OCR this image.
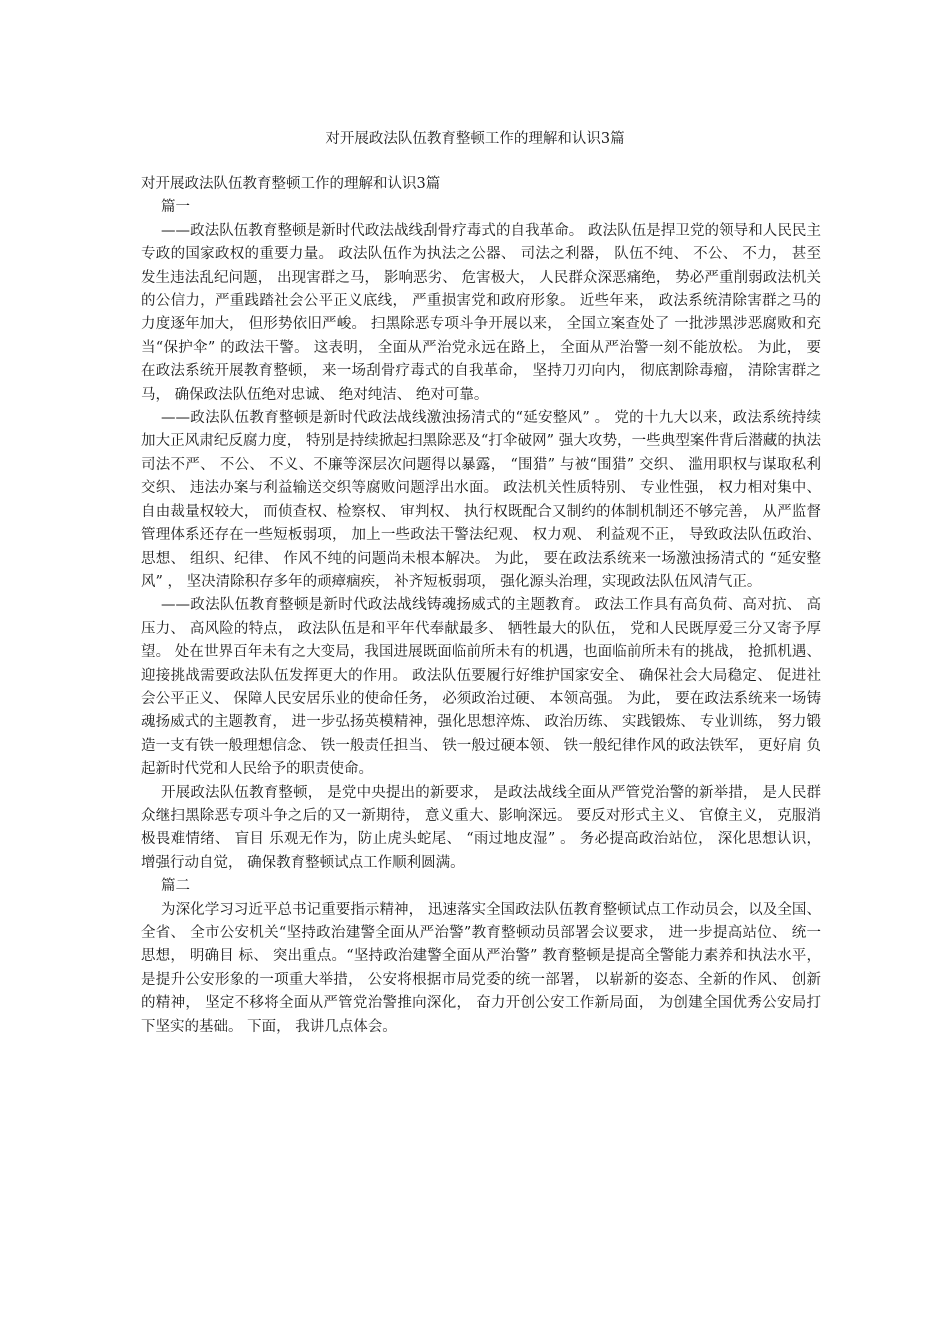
对开展政法队伍教育整顿工作的理解和认识3篇

对开展政法队伍教育整顿工作的理解和认识3篇

篇一

——政法队伍教育整顿是新时代政法战线刮骨疗毒式的自我革命。 政法队伍是捍卫党的领导和人民民主专政的国家政权的重要力量。 政法队伍作为执法之公器、 司法之利器， 队伍不纯、 不公、 不力， 甚至发生违法乱纪问题， 出现害群之马， 影响恶劣、 危害极大， 人民群众深恶痛绝， 势必严重削弱政法机关的公信力，严重践踏社会公平正义底线， 严重损害党和政府形象。 近些年来， 政法系统清除害群之马的力度逐年加大， 但形势依旧严峻。 扫黑除恶专项斗争开展以来， 全国立案查处了 一批涉黑涉恶腐败和充当“保护伞” 的政法干警。 这表明， 全面从严治党永远在路上， 全面从严治警一刻不能放松。 为此， 要在政法系统开展教育整顿， 来一场刮骨疗毒式的自我革命， 坚持刀刃向内， 彻底割除毒瘤， 清除害群之马， 确保政法队伍绝对忠诚、 绝对纯洁、 绝对可靠。

——政法队伍教育整顿是新时代政法战线激浊扬清式的“延安整风” 。 党的十九大以来，政法系统持续加大正风肃纪反腐力度， 特别是持续掀起扫黑除恶及“打伞破网” 强大攻势，一些典型案件背后潜藏的执法司法不严、 不公、 不义、不廉等深层次问题得以暴露， “围猎” 与被“围猎” 交织、 滥用职权与谋取私利交织、 违法办案与利益输送交织等腐败问题浮出水面。 政法机关性质特别、 专业性强， 权力相对集中、 自由裁量权较大， 而侦查权、检察权、 审判权、 执行权既配合又制约的体制机制还不够完善， 从严监督管理体系还存在一些短板弱项， 加上一些政法干警法纪观、 权力观、 利益观不正， 导致政法队伍政治、 思想、 组织、纪律、 作风不纯的问题尚未根本解决。 为此， 要在政法系统来一场激浊扬清式的 “延安整风” ， 坚决清除积存多年的顽瘴痼疾， 补齐短板弱项， 强化源头治理，实现政法队伍风清气正。

——政法队伍教育整顿是新时代政法战线铸魂扬威式的主题教育。 政法工作具有高负荷、高对抗、 高压力、 高风险的特点， 政法队伍是和平年代奉献最多、 牺牲最大的队伍， 党和人民既厚爱三分又寄予厚望。 处在世界百年未有之大变局，我国进展既面临前所未有的机遇，也面临前所未有的挑战， 抢抓机遇、 迎接挑战需要政法队伍发挥更大的作用。 政法队伍要履行好维护国家安全、 确保社会大局稳定、 促进社会公平正义、 保障人民安居乐业的使命任务， 必须政治过硬、 本领高强。 为此， 要在政法系统来一场铸魂扬威式的主题教育， 进一步弘扬英模精神，强化思想淬炼、 政治历练、 实践锻炼、 专业训练， 努力锻造一支有铁一般理想信念、 铁一般责任担当、 铁一般过硬本领、 铁一般纪律作风的政法铁军， 更好肩 负起新时代党和人民给予的职责使命。

开展政法队伍教育整顿， 是党中央提出的新要求， 是政法战线全面从严管党治警的新举措， 是人民群众继扫黑除恶专项斗争之后的又一新期待， 意义重大、影响深远。 要反对形式主义、 官僚主义， 克服消极畏难情绪、 盲目 乐观无作为，防止虎头蛇尾、 “雨过地皮湿” 。 务必提高政治站位， 深化思想认识， 增强行动自觉， 确保教育整顿试点工作顺利圆满。

篇二

为深化学习习近平总书记重要指示精神， 迅速落实全国政法队伍教育整顿试点工作动员会，以及全国、 全省、 全市公安机关“坚持政治建警全面从严治警”教育整顿动员部署会议要求， 进一步提高站位、 统一思想， 明确目 标、 突出重点。“坚持政治建警全面从严治警” 教育整顿是提高全警能力素养和执法水平， 是提升公安形象的一项重大举措， 公安将根据市局党委的统一部署， 以崭新的姿态、全新的作风、 创新的精神， 坚定不移将全面从严管党治警推向深化， 奋力开创公安工作新局面， 为创建全国优秀公安局打下坚实的基础。 下面， 我讲几点体会。
